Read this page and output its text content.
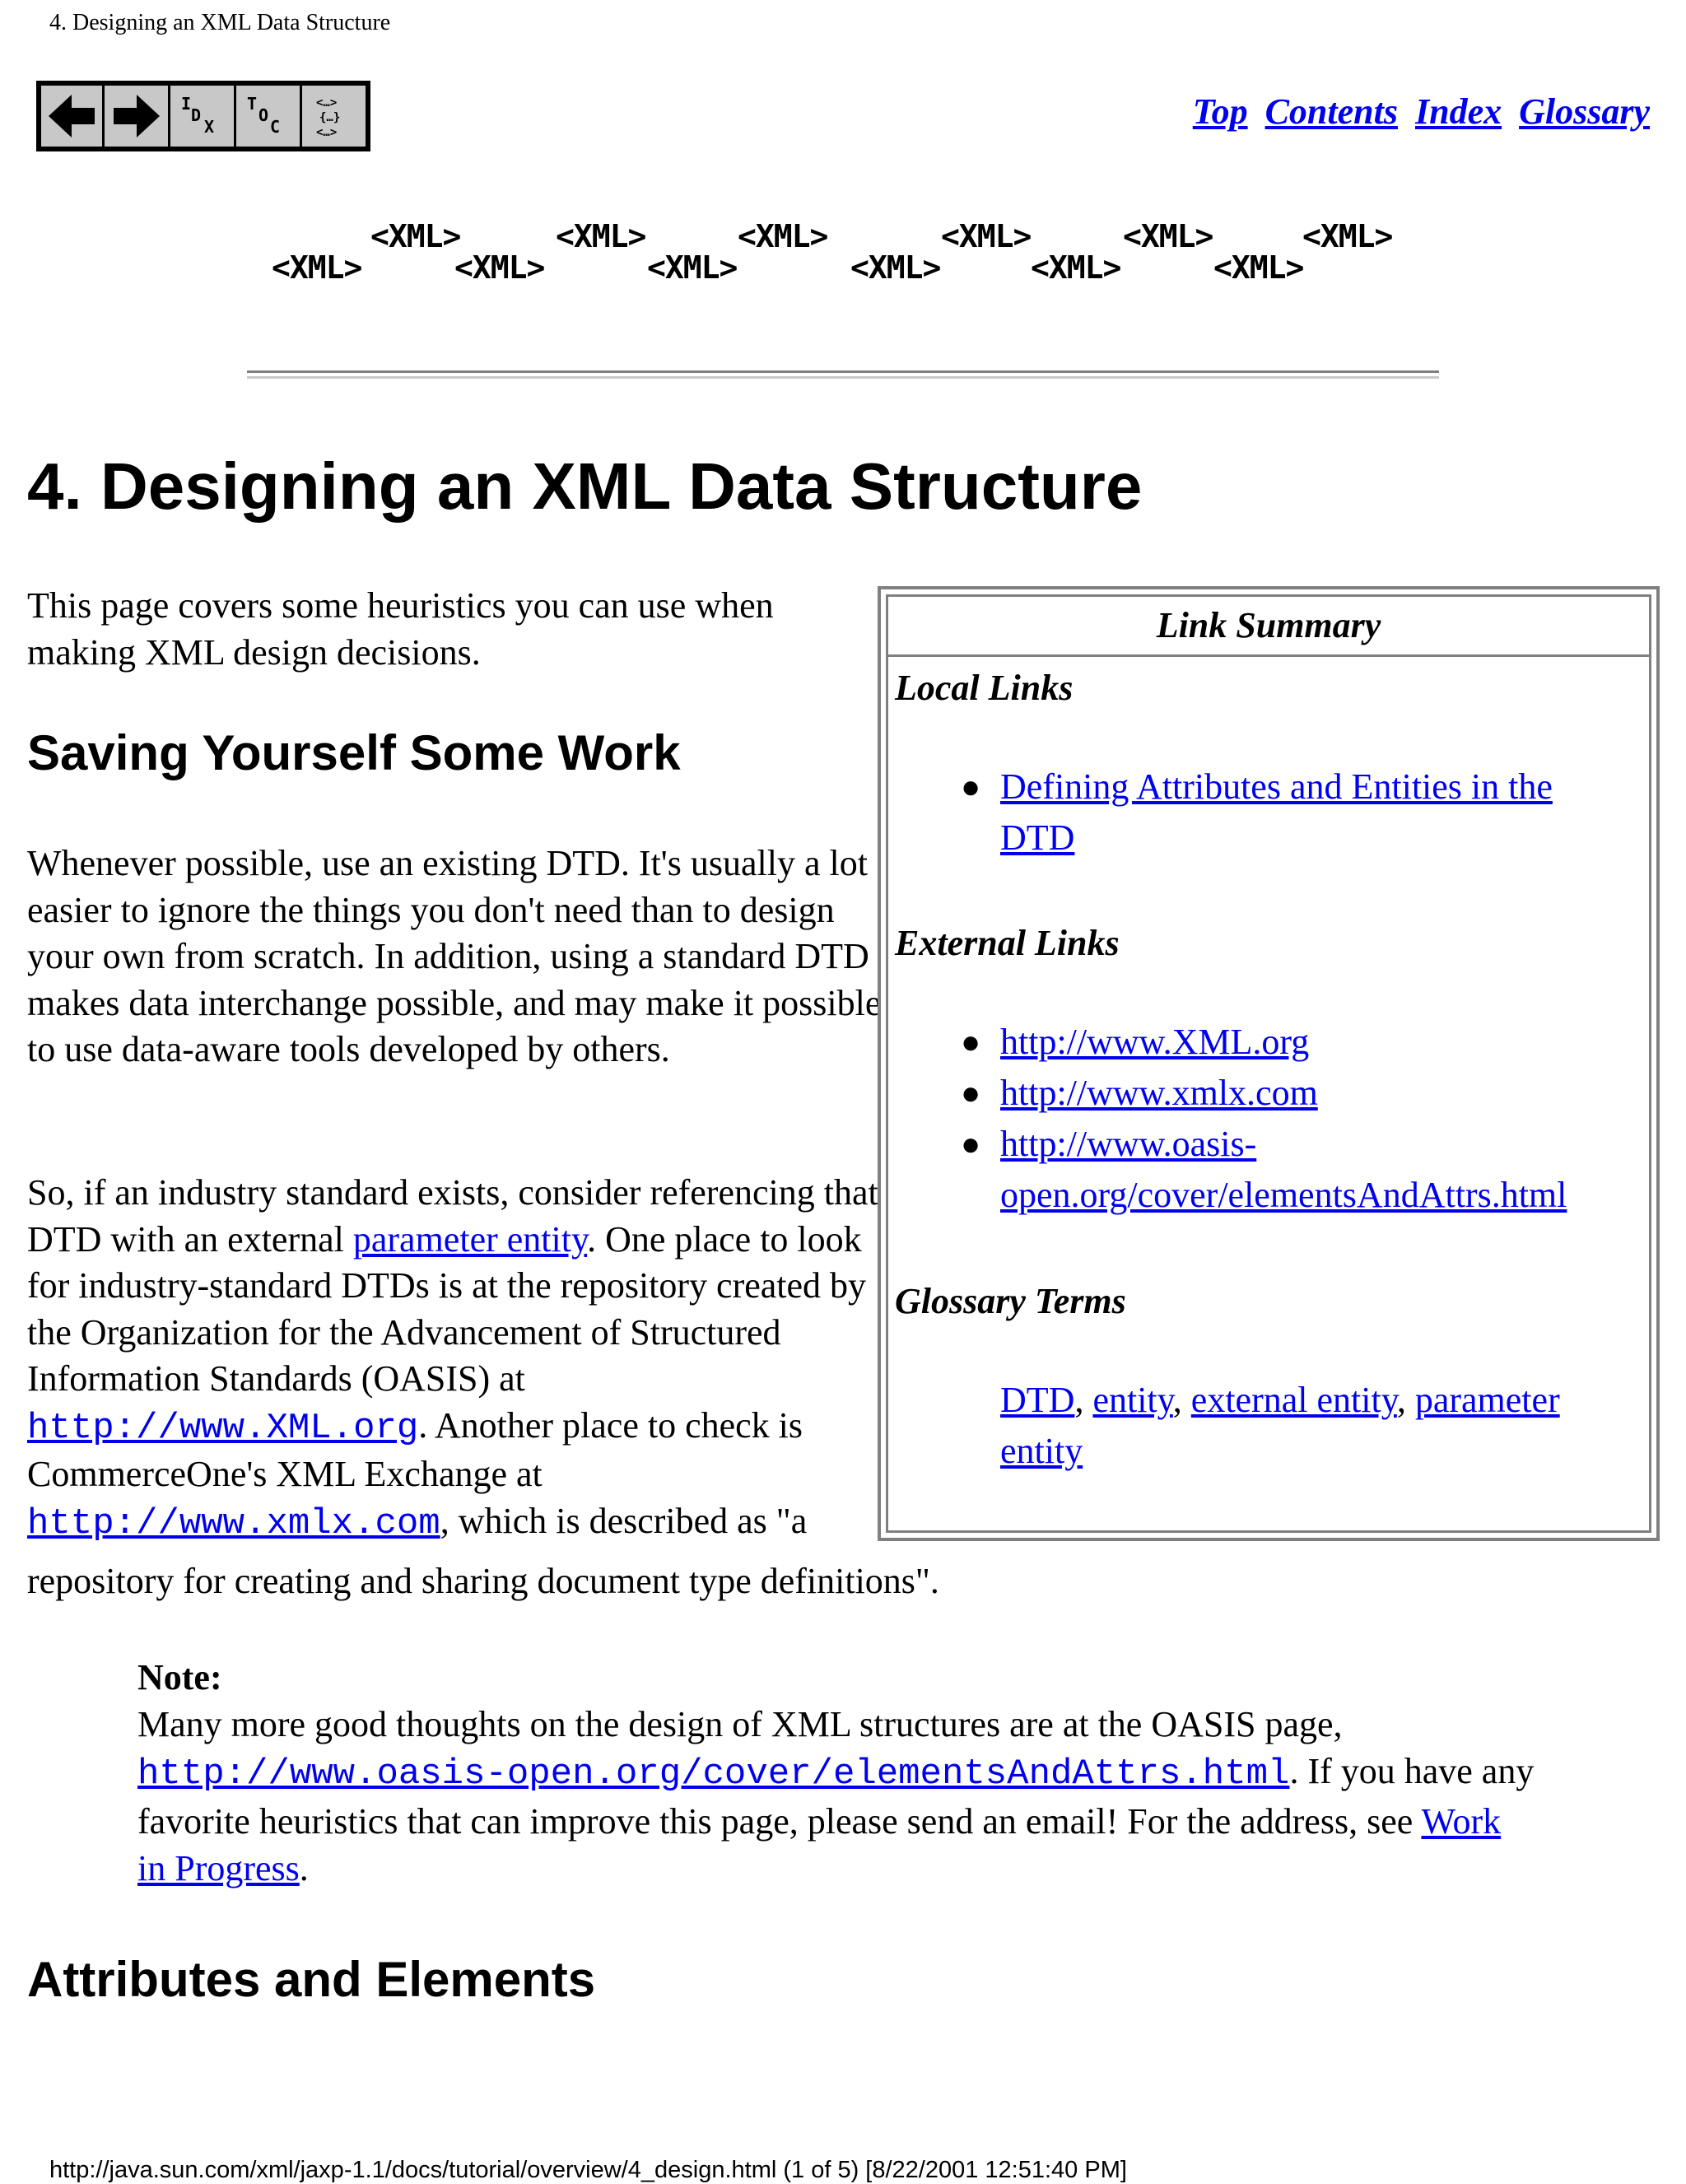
4. Designing an XML Data Structure
I
D
X
T
O
C
<…>
{…}
<…>
Top Contents Index Glossary
<XML>
<XML>
<XML>
<XML>
<XML>
<XML>
<XML>
<XML>
<XML>
<XML>
<XML>
<XML>
4. Designing an XML Data Structure
This page covers some heuristics you can use when making XML design decisions.
Saving Yourself Some Work
Whenever possible, use an existing DTD. It's usually a lot easier to ignore the things you don't need than to design your own from scratch. In addition, using a standard DTD makes data interchange possible, and may make it possible to use data-aware tools developed by others.
So, if an industry standard exists, consider referencing that DTD with an external parameter entity. One place to look for industry-standard DTDs is at the repository created by the Organization for the Advancement of Structured Information Standards (OASIS) at http://www.XML.org. Another place to check is CommerceOne's XML Exchange at http://www.xmlx.com, which is described as "a
repository for creating and sharing document type definitions".
Link Summary
Local Links
● Defining Attributes and Entities in the
DTD
External Links
● http://www.XML.org
● http://www.xmlx.com
● http://www.oasis-
open.org/cover/elementsAndAttrs.html
Glossary Terms
DTD, entity, external entity, parameter
entity
Note:
Many more good thoughts on the design of XML structures are at the OASIS page,
http://www.oasis-open.org/cover/elementsAndAttrs.html. If you have any favorite heuristics that can improve this page, please send an email! For the address, see Work in Progress.
Attributes and Elements
http://java.sun.com/xml/jaxp-1.1/docs/tutorial/overview/4_design.html (1 of 5) [8/22/2001 12:51:40 PM]
